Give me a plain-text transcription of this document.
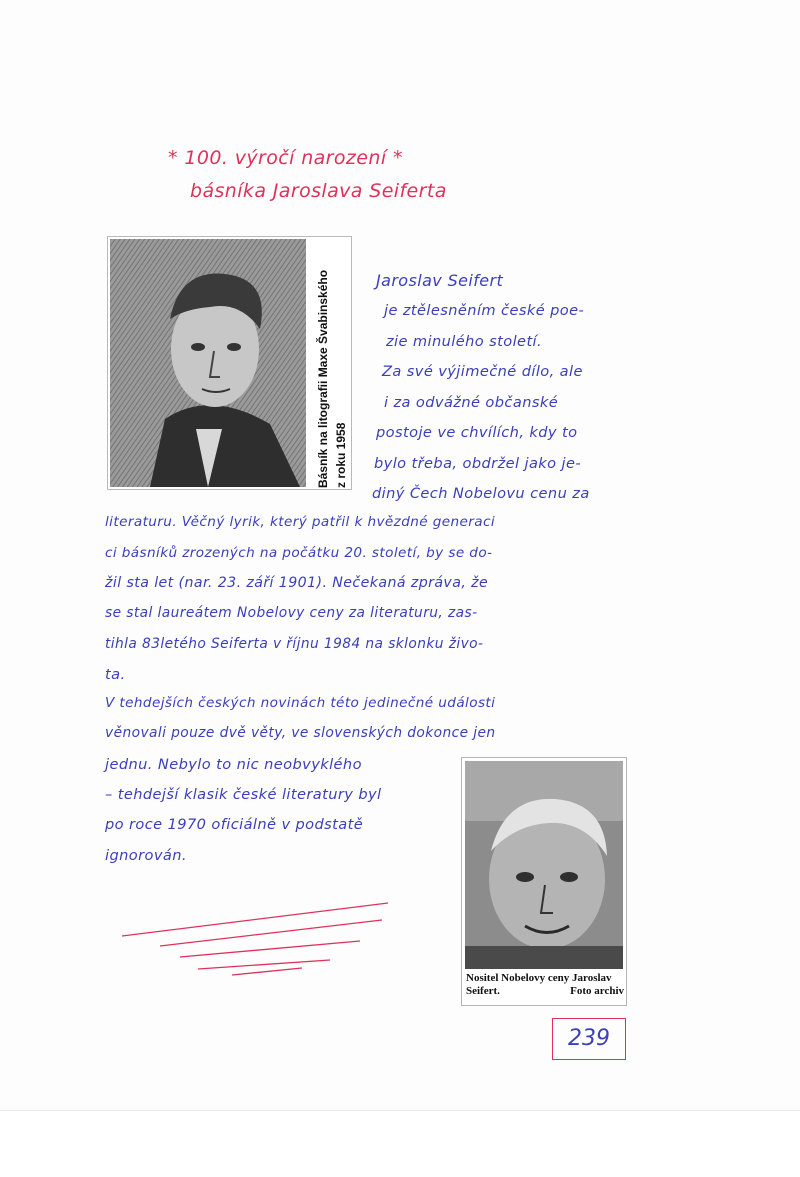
* 100. výročí narození *
básníka Jaroslava Seiferta
Básník na litografii Maxe Švabinského z roku 1958
Jaroslav Seifert
je ztělesněním české poe-
zie minulého století.
Za své výjimečné dílo, ale
i za odvážné občanské
postoje ve chvílích, kdy to
bylo třeba, obdržel jako je-
diný Čech Nobelovu cenu za
literaturu. Věčný lyrik, který patřil k hvězdné generaci
ci básníků zrozených na počátku 20. století, by se do-
žil sta let (nar. 23. září 1901). Nečekaná zpráva, že
se stal laureátem Nobelovy ceny za literaturu, zas-
tihla 83letého Seiferta v říjnu 1984 na sklonku živo-
ta.
V tehdejších českých novinách této jedinečné události
věnovali pouze dvě věty, ve slovenských dokonce jen
jednu. Nebylo to nic neobvyklého
– tehdejší klasik české literatury byl
po roce 1970 oficiálně v podstatě
ignorován.
Nositel Nobelovy ceny Jaroslav
Seifert.	Foto archiv
239
